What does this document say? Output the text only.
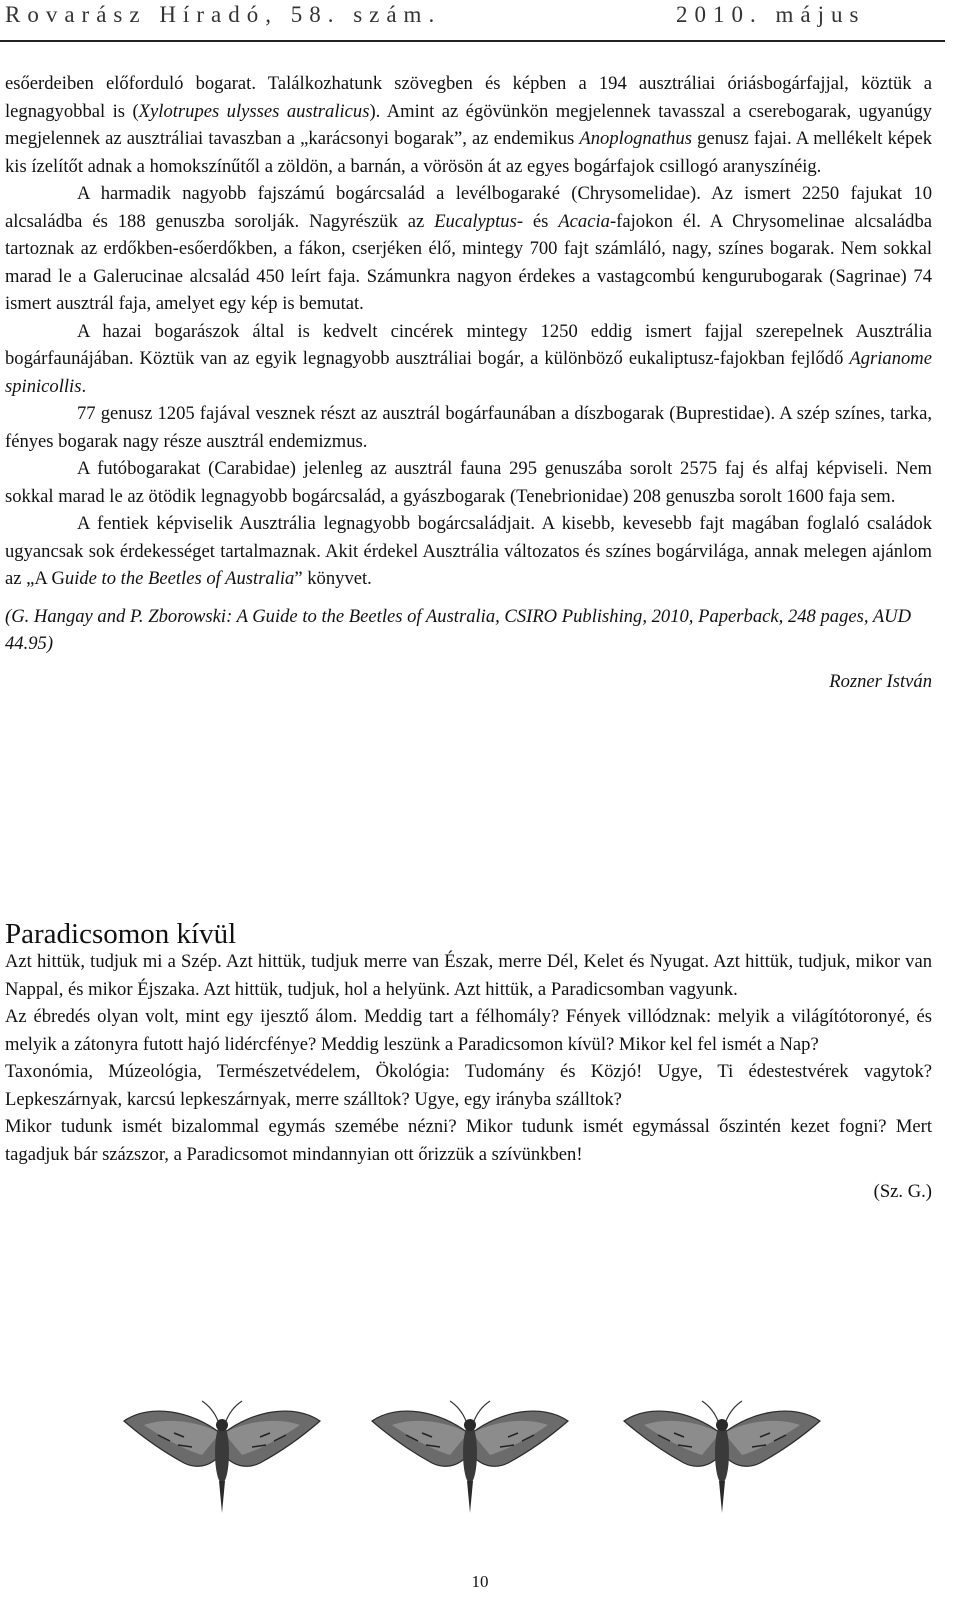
Rovarász Híradó, 58. szám.	2010. május

esőerdeiben előforduló bogarat. Találkozhatunk szövegben és képben a 194 ausztráliai óriásbogárfajjal, köztük a legnagyobbal is (Xylotrupes ulysses australicus). Amint az égövünkön megjelennek tavasszal a cserebogarak, ugyanúgy megjelennek az ausztráliai tavaszban a „karácsonyi bogarak”, az endemikus Anoplognathus genusz fajai. A mellékelt képek kis ízelítőt adnak a homokszínűtől a zöldön, a barnán, a vörösön át az egyes bogárfajok csillogó aranyszínéig.

A harmadik nagyobb fajszámú bogárcsalád a levélbogaraké (Chrysomelidae). Az ismert 2250 fajukat 10 alcsaládba és 188 genuszba sorolják. Nagyrészük az Eucalyptus- és Acacia-fajokon él. A Chrysomelinae alcsaládba tartoznak az erdőkben-esőerdőkben, a fákon, cserjéken élő, mintegy 700 fajt számláló, nagy, színes bogarak. Nem sokkal marad le a Galerucinae alcsalád 450 leírt faja. Számunkra nagyon érdekes a vastagcombú kengurubogarak (Sagrinae) 74 ismert ausztrál faja, amelyet egy kép is bemutat.

A hazai bogarászok által is kedvelt cincérek mintegy 1250 eddig ismert fajjal szerepelnek Ausztrália bogárfaunájában. Köztük van az egyik legnagyobb ausztráliai bogár, a különböző eukaliptusz-fajokban fejlődő Agrianome spinicollis.

77 genusz 1205 fajával vesznek részt az ausztrál bogárfaunában a díszbogarak (Buprestidae). A szép színes, tarka, fényes bogarak nagy része ausztrál endemizmus.

A futóbogarakat (Carabidae) jelenleg az ausztrál fauna 295 genuszába sorolt 2575 faj és alfaj képviseli. Nem sokkal marad le az ötödik legnagyobb bogárcsalád, a gyászbogarak (Tenebrionidae) 208 genuszba sorolt 1600 faja sem.

A fentiek képviselik Ausztrália legnagyobb bogárcsaládjait. A kisebb, kevesebb fajt magában foglaló családok ugyancsak sok érdekességet tartalmaznak. Akit érdekel Ausztrália változatos és színes bogárvilága, annak melegen ajánlom az „A Guide to the Beetles of Australia” könyvet.

(G. Hangay and P. Zborowski: A Guide to the Beetles of Australia, CSIRO Publishing, 2010, Paperback, 248 pages, AUD 44.95)

Rozner István

Paradicsomon kívül

Azt hittük, tudjuk mi a Szép. Azt hittük, tudjuk merre van Észak, merre Dél, Kelet és Nyugat. Azt hittük, tudjuk, mikor van Nappal, és mikor Éjszaka. Azt hittük, tudjuk, hol a helyünk. Azt hittük, a Paradicsomban vagyunk.

Az ébredés olyan volt, mint egy ijesztő álom. Meddig tart a félhomály? Fények villódznak: melyik a világítótoronyé, és melyik a zátonyra futott hajó lidércfénye? Meddig leszünk a Paradicsomon kívül? Mikor kel fel ismét a Nap?

Taxonómia, Múzeológia, Természetvédelem, Ökológia: Tudomány és Közjó! Ugye, Ti édestestvérek vagytok? Lepkeszárnyak, karcsú lepkeszárnyak, merre szálltok? Ugye, egy irányba szálltok?

Mikor tudunk ismét bizalommal egymás szemébe nézni? Mikor tudunk ismét egymással őszintén kezet fogni? Mert tagadjuk bár százszor, a Paradicsomot mindannyian ott őrizzük a szívünkben!

(Sz. G.)

10
